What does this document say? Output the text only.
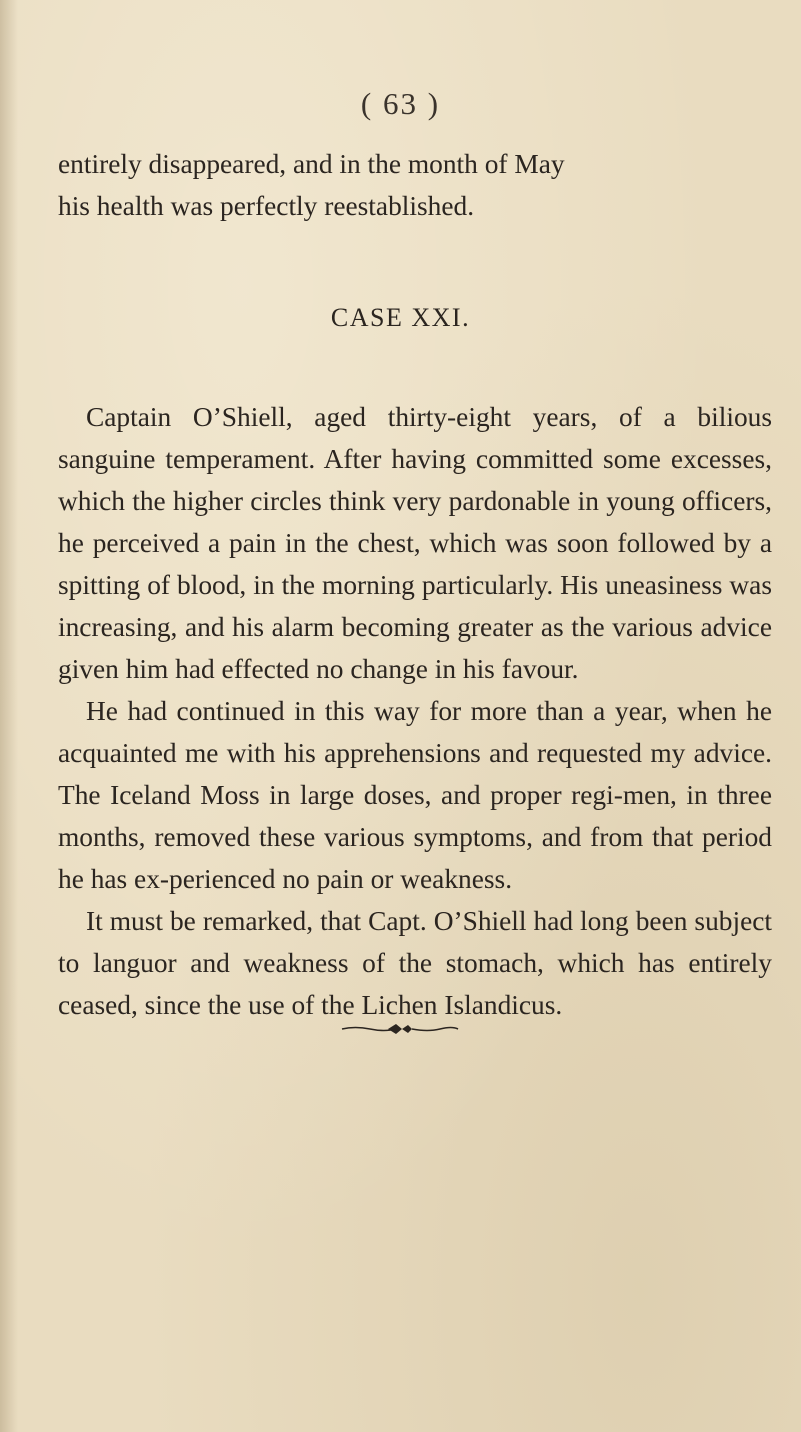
( 63 )

entirely disappeared, and in the month of May

his health was perfectly reestablished.

CASE XXI.

Captain O’Shiell, aged thirty-eight years, of a bilious sanguine temperament. After having committed some excesses, which the higher circles think very pardonable in young officers, he perceived a pain in the chest, which was soon followed by a spitting of blood, in the morning particularly. His uneasiness was increasing, and his alarm becoming greater as the various advice given him had effected no change in his favour.

He had continued in this way for more than a year, when he acquainted me with his apprehensions and requested my advice. The Iceland Moss in large doses, and proper regi-men, in three months, removed these various symptoms, and from that period he has ex-perienced no pain or weakness.

It must be remarked, that Capt. O’Shiell had long been subject to languor and weakness of the stomach, which has entirely ceased, since the use of the Lichen Islandicus.
